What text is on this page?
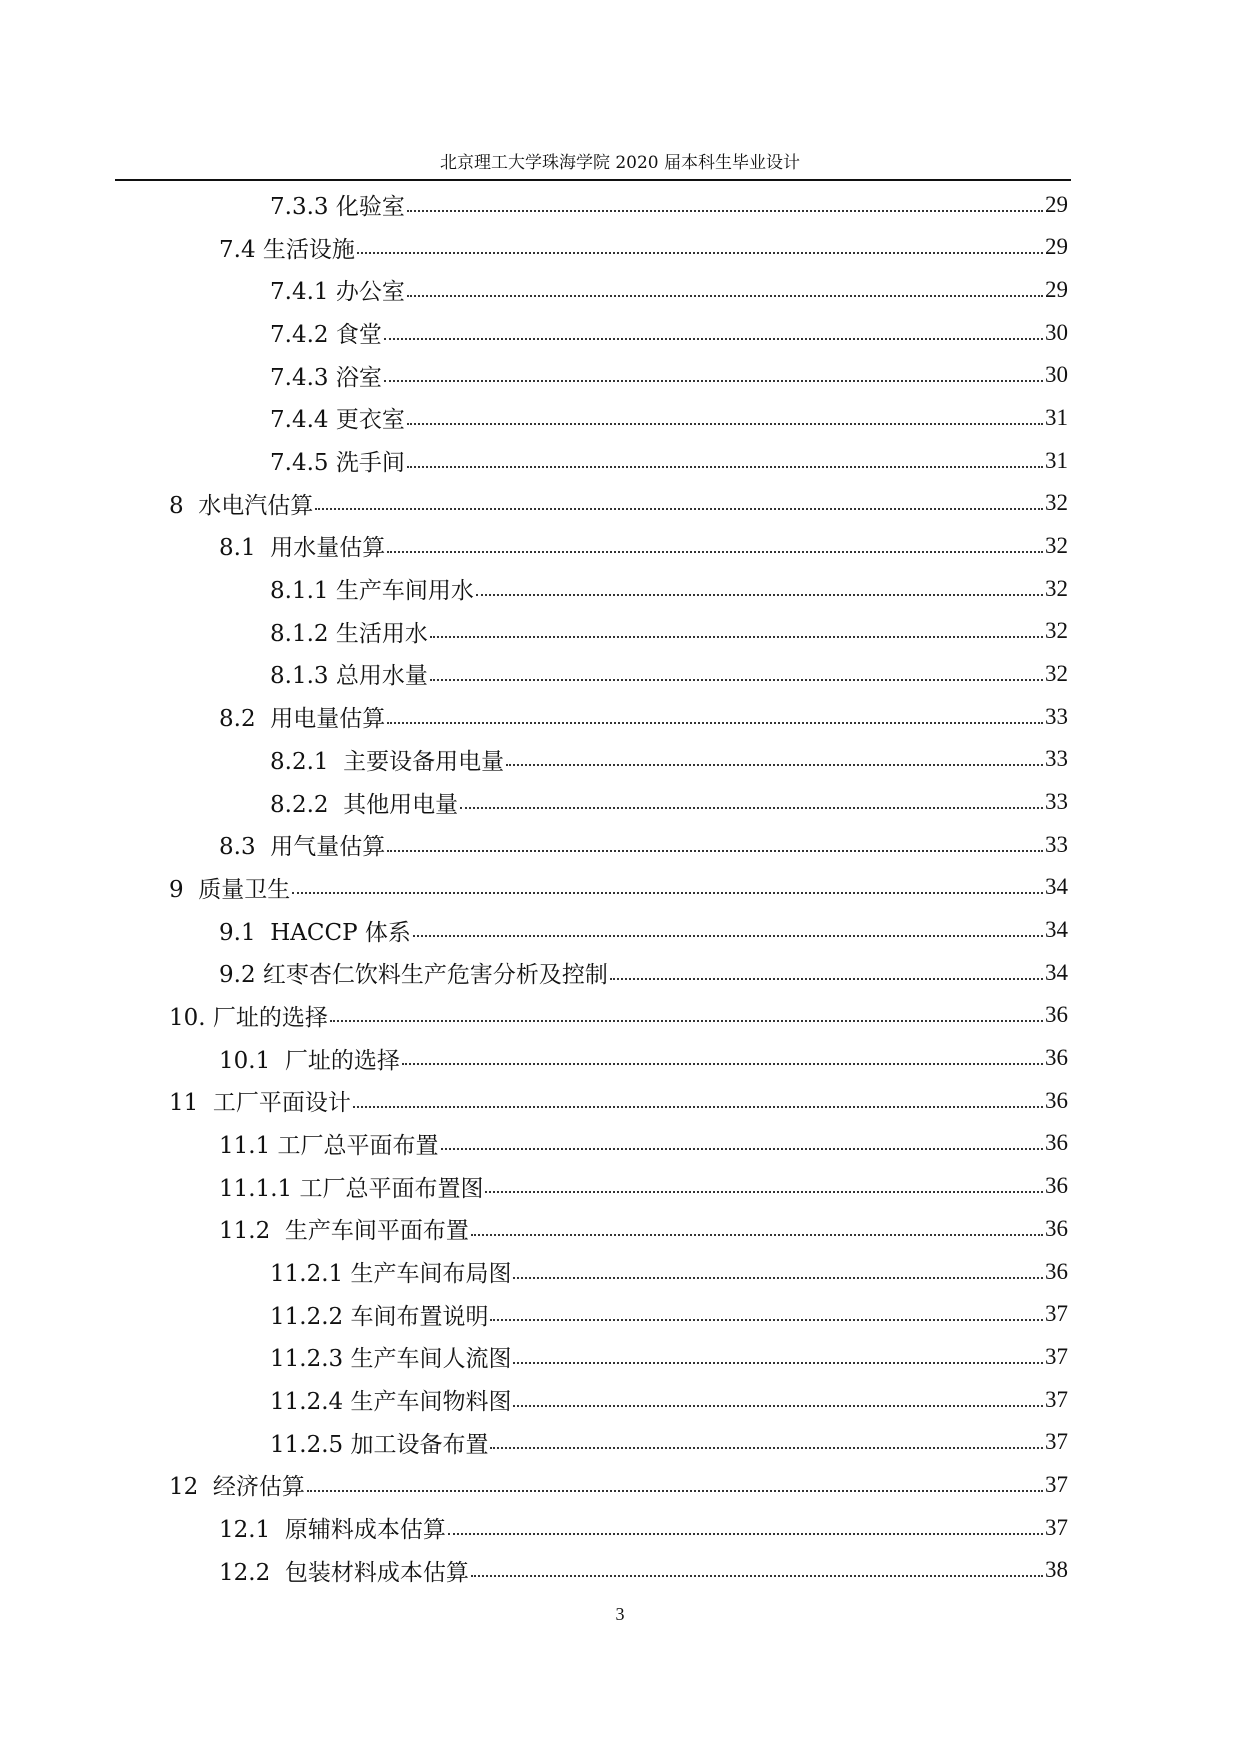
北京理工大学珠海学院 2020 届本科生毕业设计
7.3.3 化验室	29
7.4 生活设施	29
7.4.1 办公室	29
7.4.2 食堂	30
7.4.3 浴室	30
7.4.4 更衣室	31
7.4.5 洗手间	31
8  水电汽估算	32
8.1  用水量估算	32
8.1.1 生产车间用水	32
8.1.2 生活用水	32
8.1.3 总用水量	32
8.2  用电量估算	33
8.2.1  主要设备用电量	33
8.2.2  其他用电量	33
8.3  用气量估算	33
9  质量卫生	34
9.1  HACCP 体系	34
9.2 红枣杏仁饮料生产危害分析及控制	34
10. 厂址的选择	36
10.1  厂址的选择	36
11  工厂平面设计	36
11.1 工厂总平面布置	36
11.1.1 工厂总平面布置图	36
11.2  生产车间平面布置	36
11.2.1 生产车间布局图	36
11.2.2 车间布置说明	37
11.2.3 生产车间人流图	37
11.2.4 生产车间物料图	37
11.2.5 加工设备布置	37
12  经济估算	37
12.1  原辅料成本估算	37
12.2  包装材料成本估算	38
3
